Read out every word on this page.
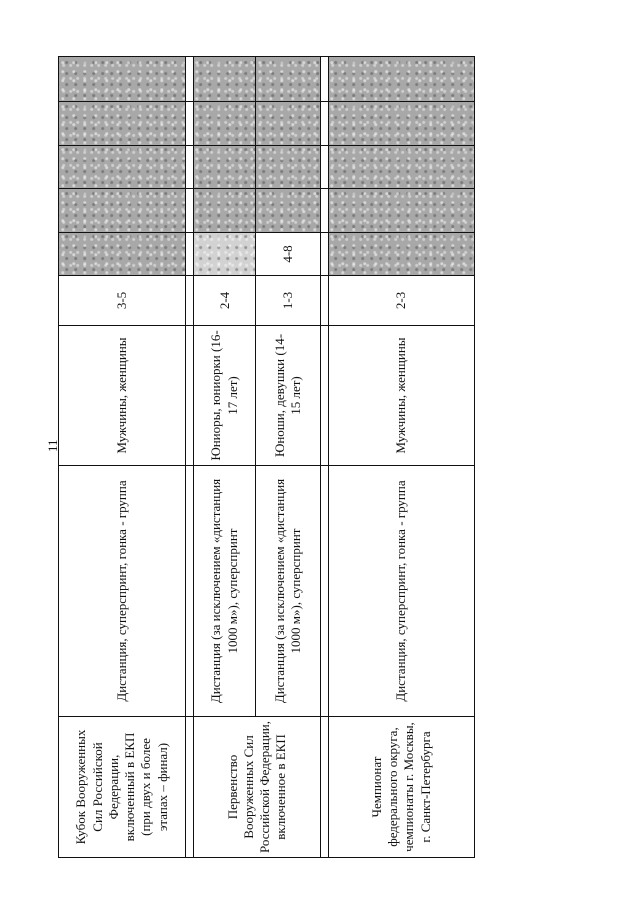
11
Кубок Вооруженных Сил Российской Федерации, включенный в ЕКП (при двух и более этапах – финал)	Дистанция, суперспринт, гонка - группа	Мужчины, женщины	3-5					

Первенство Вооруженных Сил Российской Федерации, включенное в ЕКП	Дистанция (за исключением «дистанция 1000 м»), суперспринт	Юниоры, юниорки (16-17 лет)	2-4					
	Дистанция (за исключением «дистанция 1000 м»), суперспринт	Юноши, девушки (14-15 лет)	1-3	4-8				

Чемпионат федерального округа, чемпионаты г. Москвы, г. Санкт-Петербурга	Дистанция, суперспринт, гонка - группа	Мужчины, женщины	2-3					
